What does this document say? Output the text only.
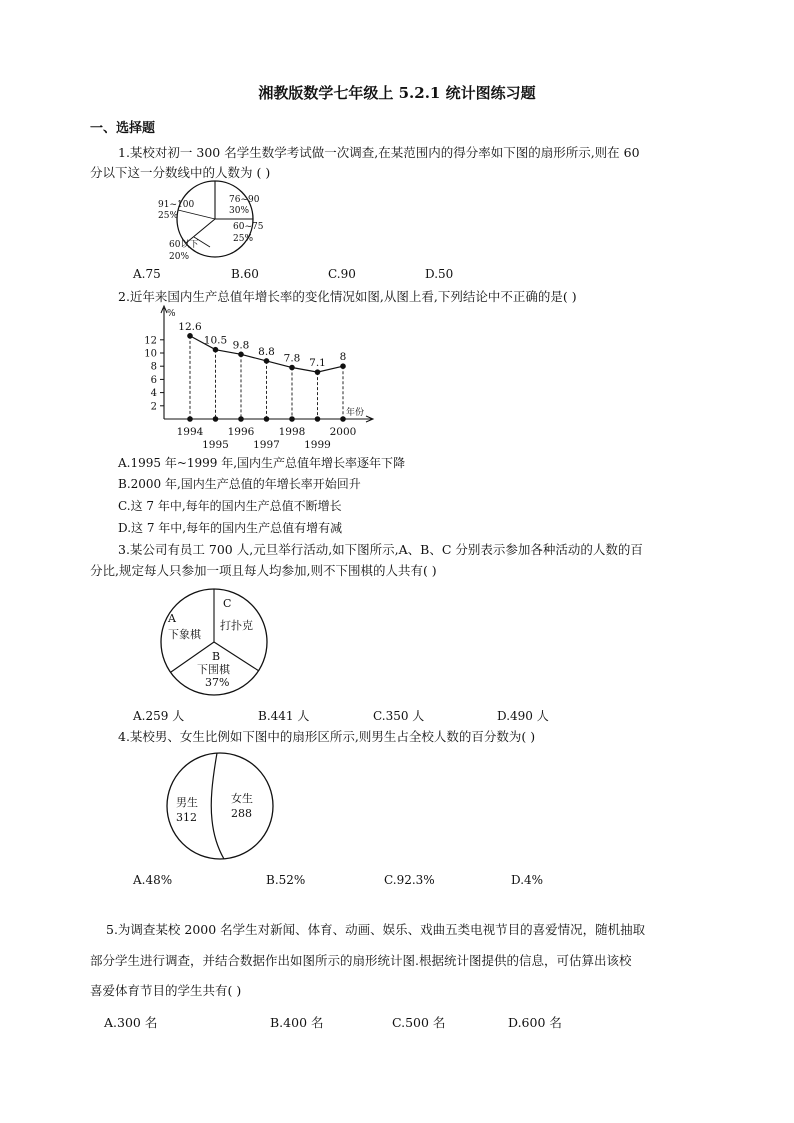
湘教版数学七年级上 5.2.1 统计图练习题
一、选择题
1.某校对初一 300 名学生数学考试做一次调查,在某范围内的得分率如下图的扇形所示,则在 60
分以下这一分数线中的人数为 ( )
91~100
25%
76~90
30%
60~75
25%
60以下
20%
A.75	B.60	C.90	D.50
2.近年来国内生产总值年增长率的变化情况如图,从图上看,下列结论中不正确的是( )
2
4
6
8
10
12
%
年份
12.6
10.5 9.8
8.8
7.8 7.1 8
1994
1995
1996
1997
1998
1999
2000
A.1995 年~1999 年,国内生产总值年增长率逐年下降
B.2000 年,国内生产总值的年增长率开始回升
C.这 7 年中,每年的国内生产总值不断增长
D.这 7 年中,每年的国内生产总值有增有减
3.某公司有员工 700 人,元旦举行活动,如下图所示,A、B、C 分别表示参加各种活动的人数的百
分比,规定每人只参加一项且每人均参加,则不下围棋的人共有( )
A
下象棋
C
打扑克
B
下围棋
37%
A.259 人	B.441 人	C.350 人	D.490 人
4.某校男、女生比例如下图中的扇形区所示,则男生占全校人数的百分数为( )
男生
312
女生
288
A.48%	B.52%	C.92.3%	D.4%
5.为调查某校 2000 名学生对新闻、体育、动画、娱乐、戏曲五类电视节目的喜爱情况，随机抽取
部分学生进行调查，并结合数据作出如图所示的扇形统计图.根据统计图提供的信息，可估算出该校
喜爱体育节目的学生共有( )
A.300 名	B.400 名	C.500 名	D.600 名
